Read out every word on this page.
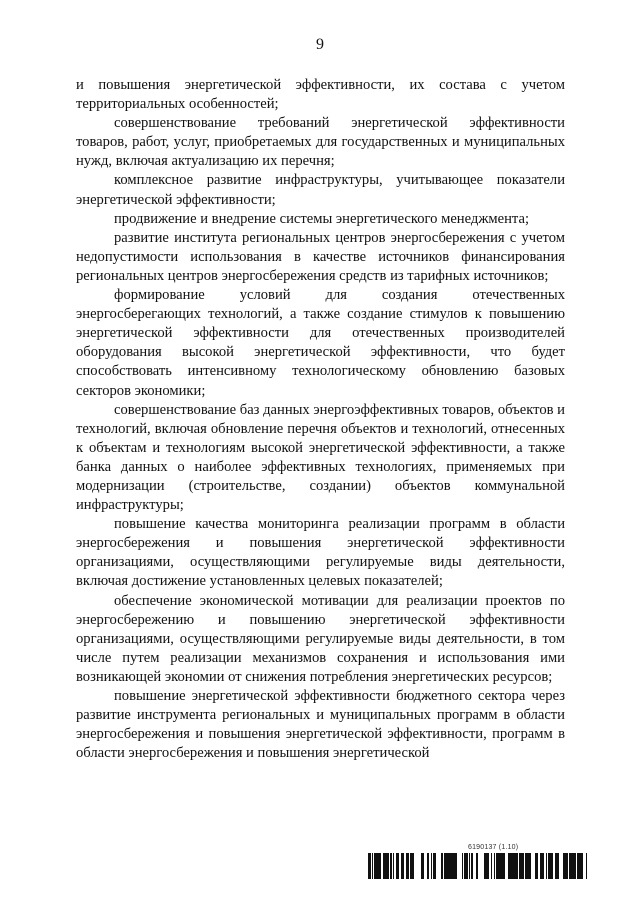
9

и повышения энергетической эффективности, их состава с учетом территориальных особенностей;

совершенствование требований энергетической эффективности товаров, работ, услуг, приобретаемых для государственных и муниципальных нужд, включая актуализацию их перечня;

комплексное развитие инфраструктуры, учитывающее показатели энергетической эффективности;

продвижение и внедрение системы энергетического менеджмента;

развитие института региональных центров энергосбережения с учетом недопустимости использования в качестве источников финансирования региональных центров энергосбережения средств из тарифных источников;

формирование условий для создания отечественных энергосберегающих технологий, а также создание стимулов к повышению энергетической эффективности для отечественных производителей оборудования высокой энергетической эффективности, что будет способствовать интенсивному технологическому обновлению базовых секторов экономики;

совершенствование баз данных энергоэффективных товаров, объектов и технологий, включая обновление перечня объектов и технологий, отнесенных к объектам и технологиям высокой энергетической эффективности, а также банка данных о наиболее эффективных технологиях, применяемых при модернизации (строительстве, создании) объектов коммунальной инфраструктуры;

повышение качества мониторинга реализации программ в области энергосбережения и повышения энергетической эффективности организациями, осуществляющими регулируемые виды деятельности, включая достижение установленных целевых показателей;

обеспечение экономической мотивации для реализации проектов по энергосбережению и повышению энергетической эффективности организациями, осуществляющими регулируемые виды деятельности, в том числе путем реализации механизмов сохранения и использования ими возникающей экономии от снижения потребления энергетических ресурсов;

повышение энергетической эффективности бюджетного сектора через развитие инструмента региональных и муниципальных программ в области энергосбережения и повышения энергетической эффективности, программ в области энергосбережения и повышения энергетической

6190137 (1.10)
